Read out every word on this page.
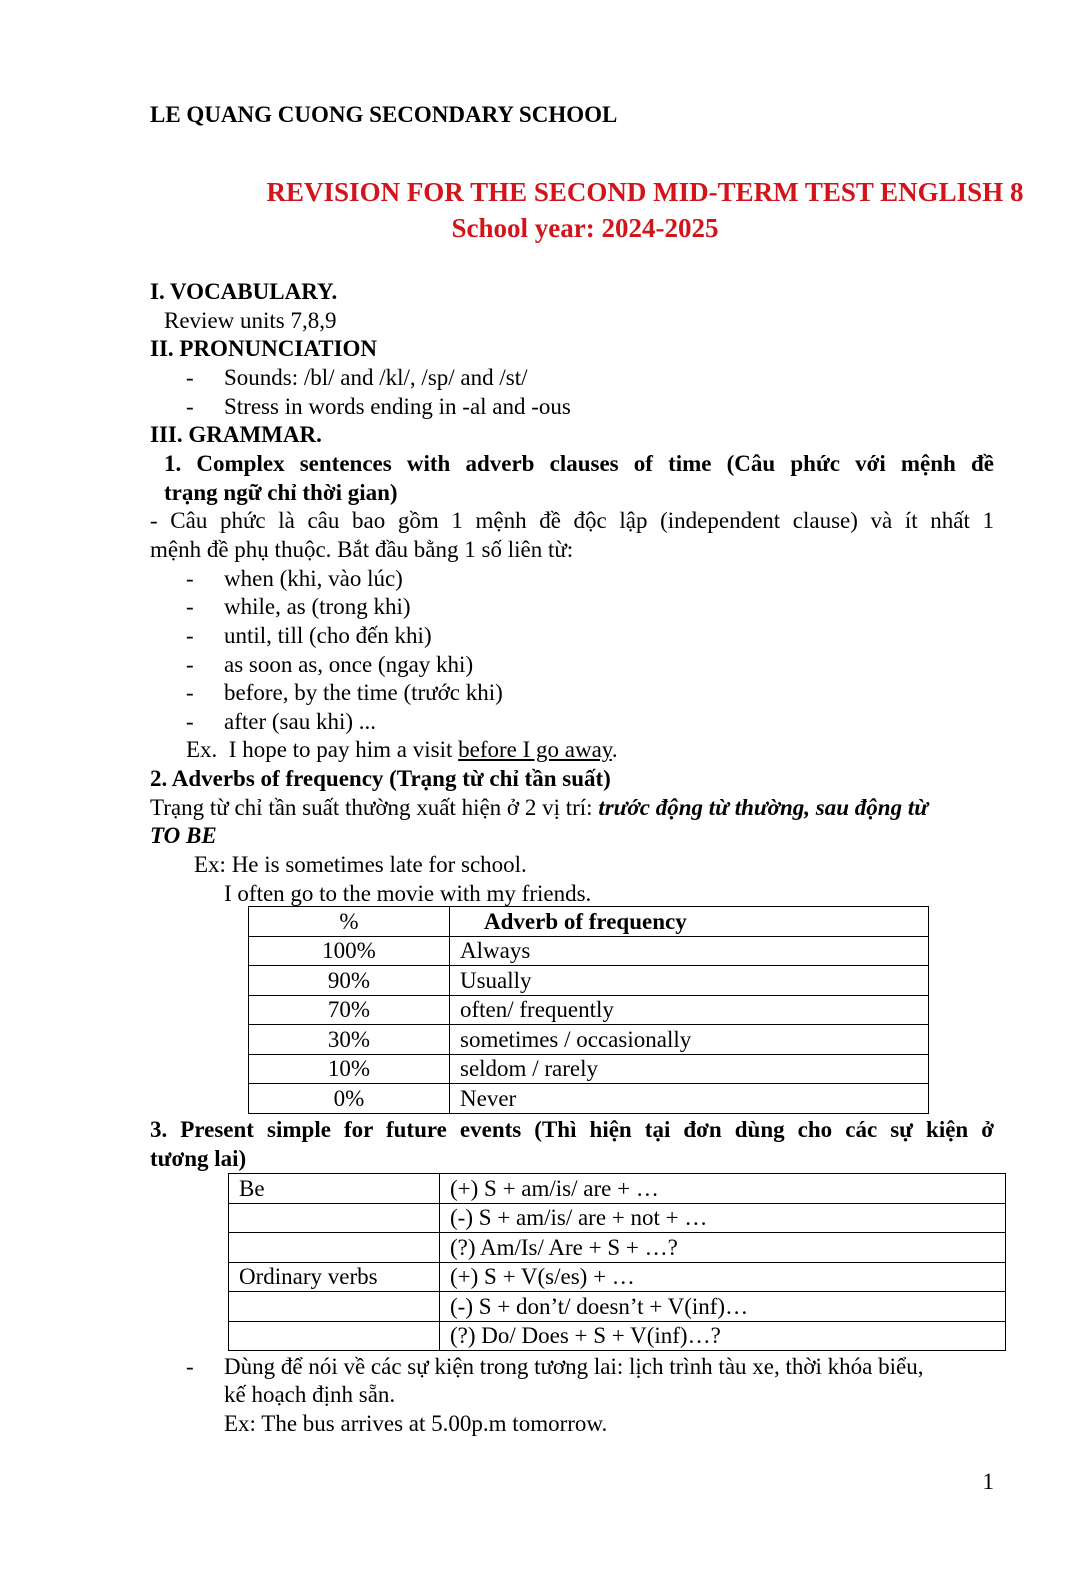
LE QUANG CUONG SECONDARY SCHOOL
REVISION FOR THE SECOND MID-TERM TEST ENGLISH 8
School year: 2024-2025
I. VOCABULARY.
Review units 7,8,9
II. PRONUNCIATION
- Sounds: /bl/ and /kl/, /sp/ and /st/
- Stress in words ending in -al and -ous
III. GRAMMAR.
1. Complex sentences with adverb clauses of time (Câu phức với mệnh đề
trạng ngữ chỉ thời gian)
- Câu phức là câu bao gồm 1 mệnh đề độc lập (independent clause) và ít nhất 1
mệnh đề phụ thuộc. Bắt đầu bằng 1 số liên từ:
- when (khi, vào lúc)
- while, as (trong khi)
- until, till (cho đến khi)
- as soon as, once (ngay khi)
- before, by the time (trước khi)
- after (sau khi) ...
Ex.  I hope to pay him a visit before I go away.
2. Adverbs of frequency (Trạng từ chỉ tần suất)
Trạng từ chỉ tần suất thường xuất hiện ở 2 vị trí: trước động từ thường, sau động từ
TO BE
Ex: He is sometimes late for school.
I often go to the movie with my friends.
%	Adverb of frequency
100%	Always
90%	Usually
70%	often/ frequently
30%	sometimes / occasionally
10%	seldom / rarely
0%	Never
3. Present simple for future events (Thì hiện tại đơn dùng cho các sự kiện ở
tương lai)
Be	(+) S + am/is/ are + …
	(-) S + am/is/ are + not + …
	(?) Am/Is/ Are + S + …?
Ordinary verbs	(+) S + V(s/es) + …
	(-) S + don’t/ doesn’t + V(inf)…
	(?) Do/ Does + S + V(inf)…?
- Dùng để nói về các sự kiện trong tương lai: lịch trình tàu xe, thời khóa biểu,
kế hoạch định sẵn.
Ex: The bus arrives at 5.00p.m tomorrow.
1
